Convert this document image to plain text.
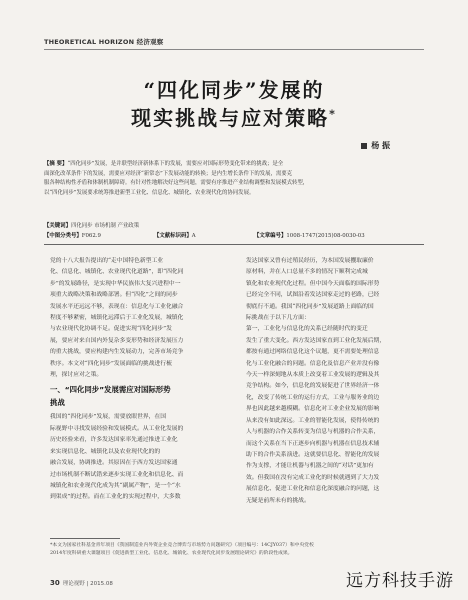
THEORETICAL HORIZON 经济观察
“四化同步”发展的
现实挑战与应对策略*
杨 振
【摘 要】“四化同步”发展，是并联型经济新体系下的发展，需要应对国际形势变化带来的挑战；是全
面深化改革条件下的发展，需要应对经济“新常态”下发展动能的转换；是内生增长条件下的发展，需要克
服各种结构性矛盾和体制机制障碍。有针对性地解决好这些问题，需要有序推进产业结构调整和发展模式转型，
以“四化同步”发展要求统筹推进新型工业化、信息化、城镇化、农业现代化的协同发展。
【关键词】四化同步 市场机制 产业政策
【中图分类号】F062.9	【文献标识码】A	【文章编号】1008-1747(2015)08-0030-03

党的十八大报告提出的“走中国特色新型工业
化、信息化、城镇化、农业现代化道路”，即“四化同
步”的发展路径，是实现中华民族伟大复兴进程中一
项重大战略决策和战略部署。但“四化”之间的同步
发展水平还远远不够，表现在：信息化与工业化融合
程度不够紧密，城镇化远滞后于工业化发展，城镇化
与农业现代化协调不足。促进实现“四化同步”发
展，要应对来自国内外复杂多变形势和经济发展压力
的重大挑战，要应构建内生发展动力，完善市场竞争
秩序。本文对“四化同步”发展面临的挑战进行梳
理，探讨应对之策。

一、“四化同步”发展需应对国际形势
挑战

我国的“四化同步”发展，需要放眼世界，在国
际视野中寻找发展经验和发展模式。从工业化发展的
历史经验来看，许多发达国家率先通过推进工业化
来实现信息化、城镇化以及农业现代化的的
融合发展，协调推进。其原因在于西方发达国家通
过市场机制不断试错来逐步实现工业化和信息化、而
城镇化和农业现代化成为其“副属产物”，是一个“水
到渠成”的过程。而在工业化的实现过程中，大多数

发达国家又曾有过殖民经历，为本国发展攫取廉价
原材料，并在人口总量不多的情况下顺利完成城
镇化和农业现代化过程。但中国今天面临的国际形势
已经完全不同，试图沿着发达国家走过的老路，已经
彻底行不通。我国“四化同步”发展道路上面临的国
际挑战在于以下几方面：
第一，工业化与信息化的关系已经随时代的变迁
发生了重大变化。西方发达国家直到工业化发展后期，
都按有通过网络信息化这个议题，更不需要处理信息
化与工业化融合的问题。信息化及信息产业并没有像
今天一样深刻地从本质上改变着工业发展的逻辑及其
竞争结构。如今，信息化的发展促进了世界经济一体
化，改变了传统工业的运行方式，工业与服务业的边
界也因此越来越模糊。信息化对工业企业发展的影响
从来没有如此深远。工业的智能化发展，使得传统的
人与机器的合作关系转变为信息与机器的合作关系，
而这个关系在当下正逐步向机器与机器在信息技术辅
助下的合作关系演进。这就要信息化、智能化的发展
作为支撑，才能让机器与机器之间的“对话”更加有
效。但我国在没有完成工业化的时候就遇到了大力发
展信息化、促进工业化和信息化深度融合的问题，这
无疑是前所未有的挑战。

*本文为国家社科基金青年项目《我国制造业内外资企业竞合博弈与市场势力问题研究》（项目编号：14CJY037）和中央党校
2014年度科研重大课题项目《促进新型工业化、信息化、城镇化、农业现代化同步发展理论研究》的阶段性成果。
30 理论视野 | 2015.08	远方科技手游
